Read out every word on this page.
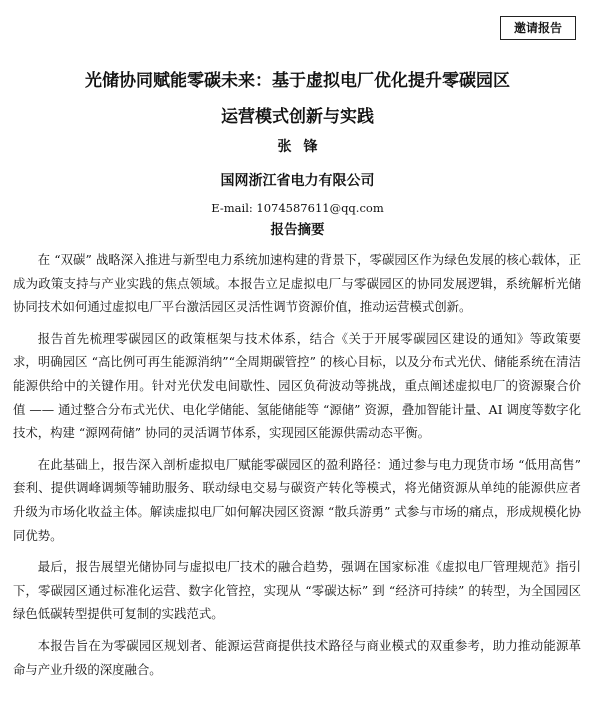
邀请报告
光储协同赋能零碳未来：基于虚拟电厂优化提升零碳园区
运营模式创新与实践
张锋
国网浙江省电力有限公司
E-mail: 1074587611@qq.com
报告摘要

在 “双碳” 战略深入推进与新型电力系统加速构建的背景下，零碳园区作为绿色发展的核心载体，正成为政策支持与产业实践的焦点领域。本报告立足虚拟电厂与零碳园区的协同发展逻辑，系统解析光储协同技术如何通过虚拟电厂平台激活园区灵活性调节资源价值，推动运营模式创新。

报告首先梳理零碳园区的政策框架与技术体系，结合《关于开展零碳园区建设的通知》等政策要求，明确园区 “高比例可再生能源消纳”“全周期碳管控” 的核心目标，以及分布式光伏、储能系统在清洁能源供给中的关键作用。针对光伏发电间歇性、园区负荷波动等挑战，重点阐述虚拟电厂的资源聚合价值 —— 通过整合分布式光伏、电化学储能、氢能储能等 “源储” 资源，叠加智能计量、AI 调度等数字化技术，构建 “源网荷储” 协同的灵活调节体系，实现园区能源供需动态平衡。

在此基础上，报告深入剖析虚拟电厂赋能零碳园区的盈利路径：通过参与电力现货市场 “低用高售” 套利、提供调峰调频等辅助服务、联动绿电交易与碳资产转化等模式，将光储资源从单纯的能源供应者升级为市场化收益主体。解读虚拟电厂如何解决园区资源 “散兵游勇” 式参与市场的痛点，形成规模化协同优势。

最后，报告展望光储协同与虚拟电厂技术的融合趋势，强调在国家标准《虚拟电厂管理规范》指引下，零碳园区通过标准化运营、数字化管控，实现从 “零碳达标” 到 “经济可持续” 的转型，为全国园区绿色低碳转型提供可复制的实践范式。

本报告旨在为零碳园区规划者、能源运营商提供技术路径与商业模式的双重参考，助力推动能源革命与产业升级的深度融合。
